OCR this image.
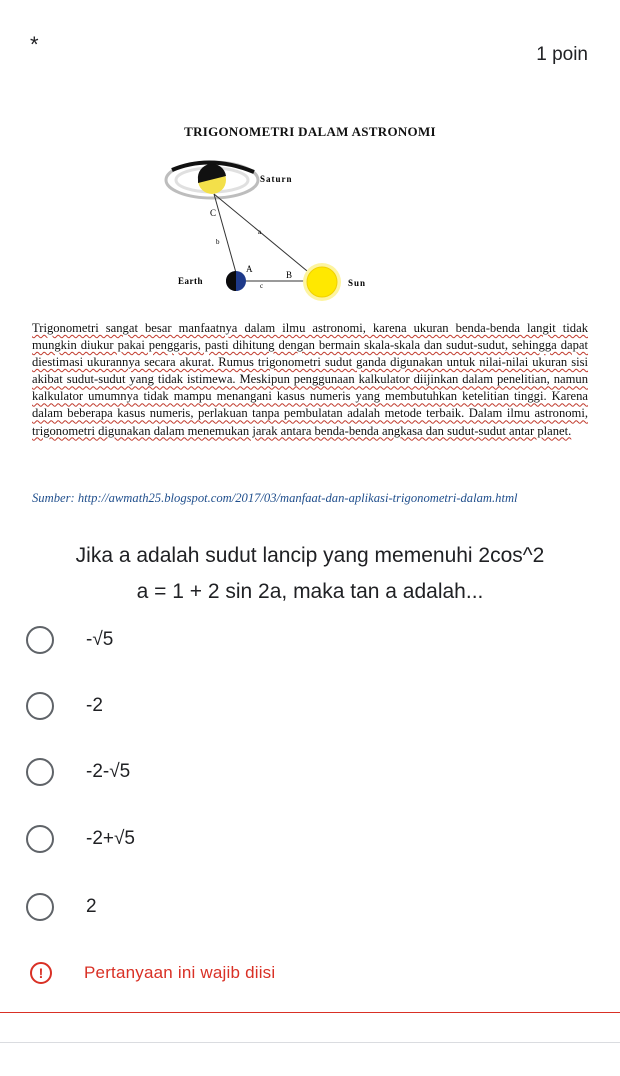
*	1 poin
TRIGONOMETRI DALAM ASTRONOMI
Saturn
C
b
a
A
B
c
Earth	Sun
Trigonometri sangat besar manfaatnya dalam ilmu astronomi, karena ukuran benda-benda langit tidak mungkin diukur pakai penggaris, pasti dihitung dengan bermain skala-skala dan sudut-sudut, sehingga dapat diestimasi ukurannya secara akurat. Rumus trigonometri sudut ganda digunakan untuk nilai-nilai ukuran sisi akibat sudut-sudut yang tidak istimewa. Meskipun penggunaan kalkulator diijinkan dalam penelitian, namun kalkulator umumnya tidak mampu menangani kasus numeris yang membutuhkan ketelitian tinggi. Karena dalam beberapa kasus numeris, perlakuan tanpa pembulatan adalah metode terbaik. Dalam ilmu astronomi, trigonometri digunakan dalam menemukan jarak antara benda-benda angkasa dan sudut-sudut antar planet.
Sumber: http://awmath25.blogspot.com/2017/03/manfaat-dan-aplikasi-trigonometri-dalam.html
Jika a adalah sudut lancip yang memenuhi 2cos^2
a = 1 + 2 sin 2a, maka tan a adalah...
-√5
-2
-2-√5
-2+√5
2
!	Pertanyaan ini wajib diisi
